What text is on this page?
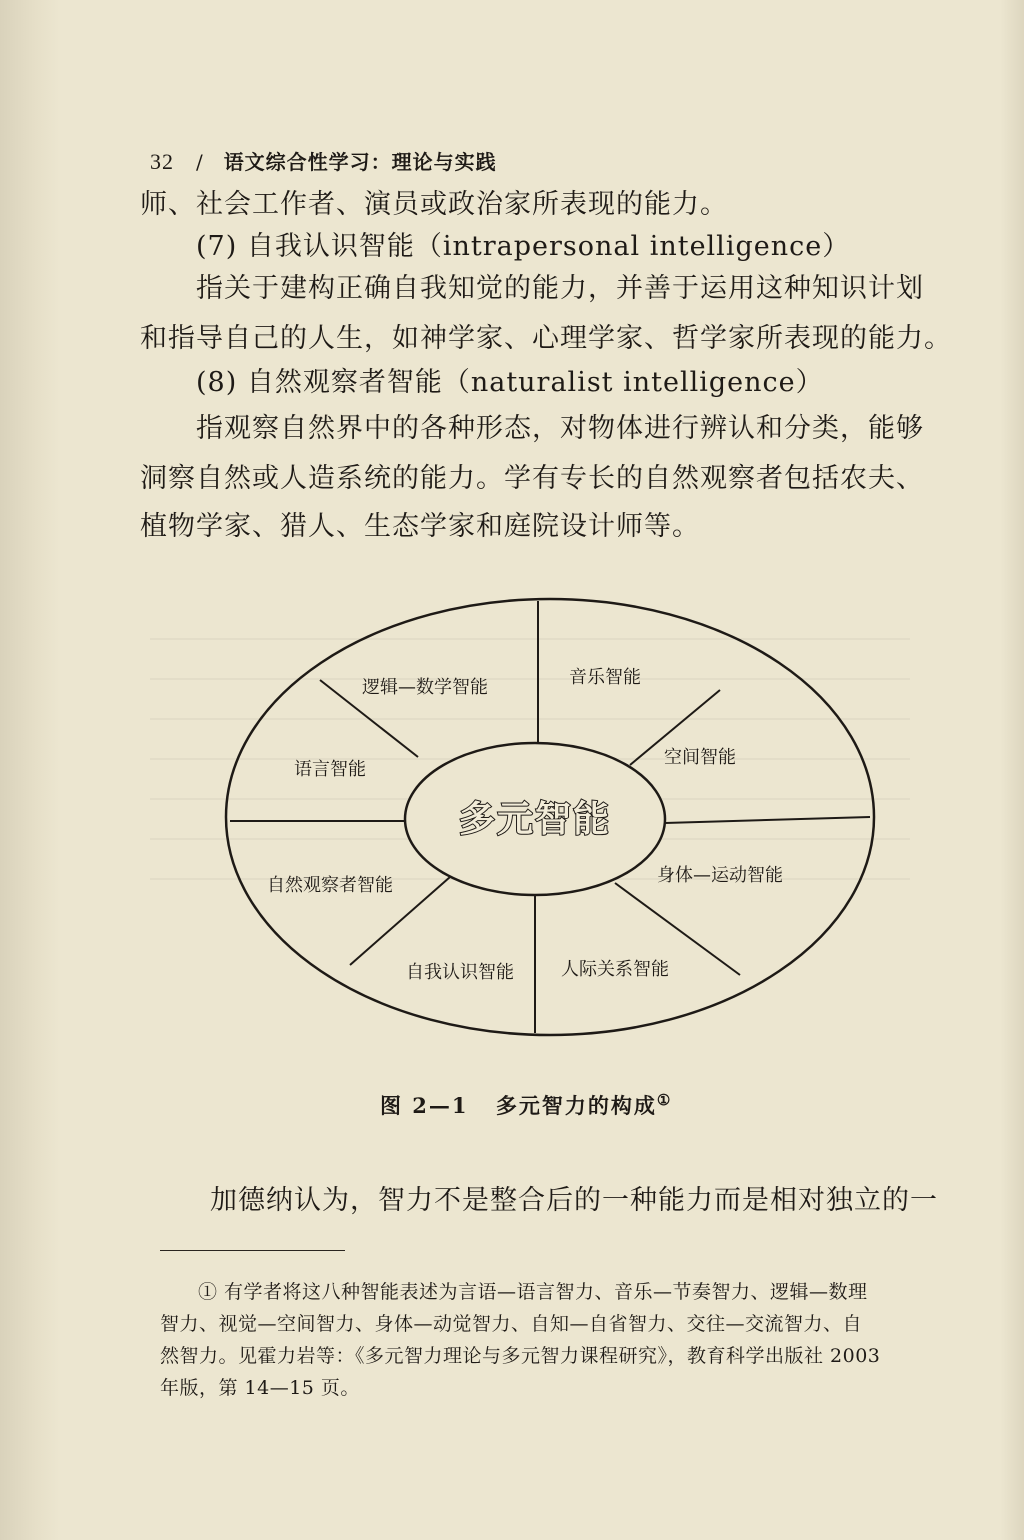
32 / 语文综合性学习：理论与实践
师、社会工作者、演员或政治家所表现的能力。
(7) 自我认识智能（intrapersonal intelligence）
指关于建构正确自我知觉的能力，并善于运用这种知识计划
和指导自己的人生，如神学家、心理学家、哲学家所表现的能力。
(8) 自然观察者智能（naturalist intelligence）
指观察自然界中的各种形态，对物体进行辨认和分类，能够
洞察自然或人造系统的能力。学有专长的自然观察者包括农夫、
植物学家、猎人、生态学家和庭院设计师等。
多元智能
逻辑—数学智能	音乐智能
空间智能
身体—运动智能
人际关系智能
自我认识智能
自然观察者智能
语言智能
图 2—1 多元智力的构成①
加德纳认为，智力不是整合后的一种能力而是相对独立的一
① 有学者将这八种智能表述为言语—语言智力、音乐—节奏智力、逻辑—数理
智力、视觉—空间智力、身体—动觉智力、自知—自省智力、交往—交流智力、自
然智力。见霍力岩等：《多元智力理论与多元智力课程研究》，教育科学出版社 2003
年版，第 14—15 页。
